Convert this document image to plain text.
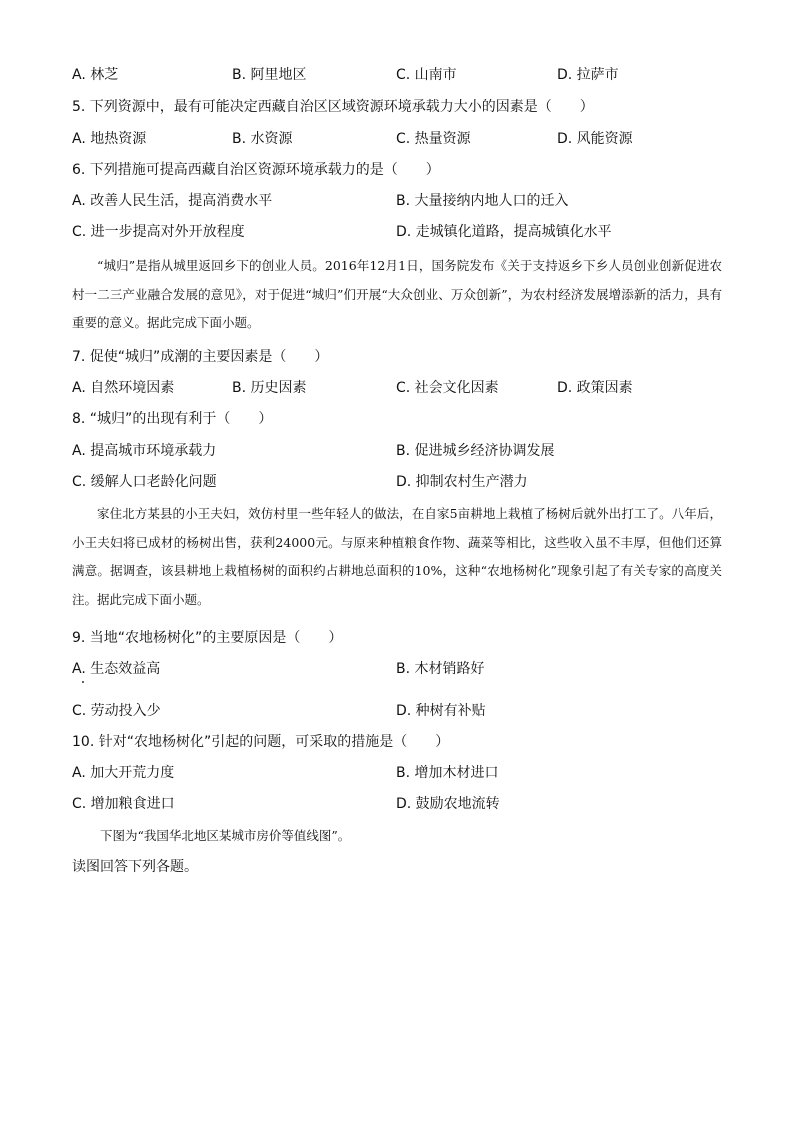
A. 林芝	B. 阿里地区	C. 山南市	D. 拉萨市
5. 下列资源中，最有可能决定西藏自治区区域资源环境承载力大小的因素是（　　）
A. 地热资源	B. 水资源	C. 热量资源	D. 风能资源
6. 下列措施可提高西藏自治区资源环境承载力的是（　　）
A. 改善人民生活，提高消费水平	B. 大量接纳内地人口的迁入
C. 进一步提高对外开放程度	D. 走城镇化道路，提高城镇化水平

“城归”是指从城里返回乡下的创业人员。2016年12月1日，国务院发布《关于支持返乡下乡人员创业创新促进农村一二三产业融合发展的意见》，对于促进“城归”们开展“大众创业、万众创新”，为农村经济发展增添新的活力，具有重要的意义。据此完成下面小题。

7. 促使“城归”成潮的主要因素是（　　）
A. 自然环境因素	B. 历史因素	C. 社会文化因素	D. 政策因素
8. “城归”的出现有利于（　　）
A. 提高城市环境承载力	B. 促进城乡经济协调发展
C. 缓解人口老龄化问题	D. 抑制农村生产潜力

家住北方某县的小王夫妇，效仿村里一些年轻人的做法，在自家5亩耕地上栽植了杨树后就外出打工了。八年后，小王夫妇将已成材的杨树出售，获利24000元。与原来种植粮食作物、蔬菜等相比，这些收入虽不丰厚，但他们还算满意。据调查，该县耕地上栽植杨树的面积约占耕地总面积的10%，这种“农地杨树化”现象引起了有关专家的高度关注。据此完成下面小题。

9. 当地“农地杨树化”的主要原因是（　　）
A. 生态效益高	B. 木材销路好
C. 劳动投入少	D. 种树有补贴
10. 针对“农地杨树化”引起的问题，可采取的措施是（　　）
A. 加大开荒力度	B. 增加木材进口
C. 增加粮食进口	D. 鼓励农地流转
下图为“我国华北地区某城市房价等值线图”。
读图回答下列各题。
